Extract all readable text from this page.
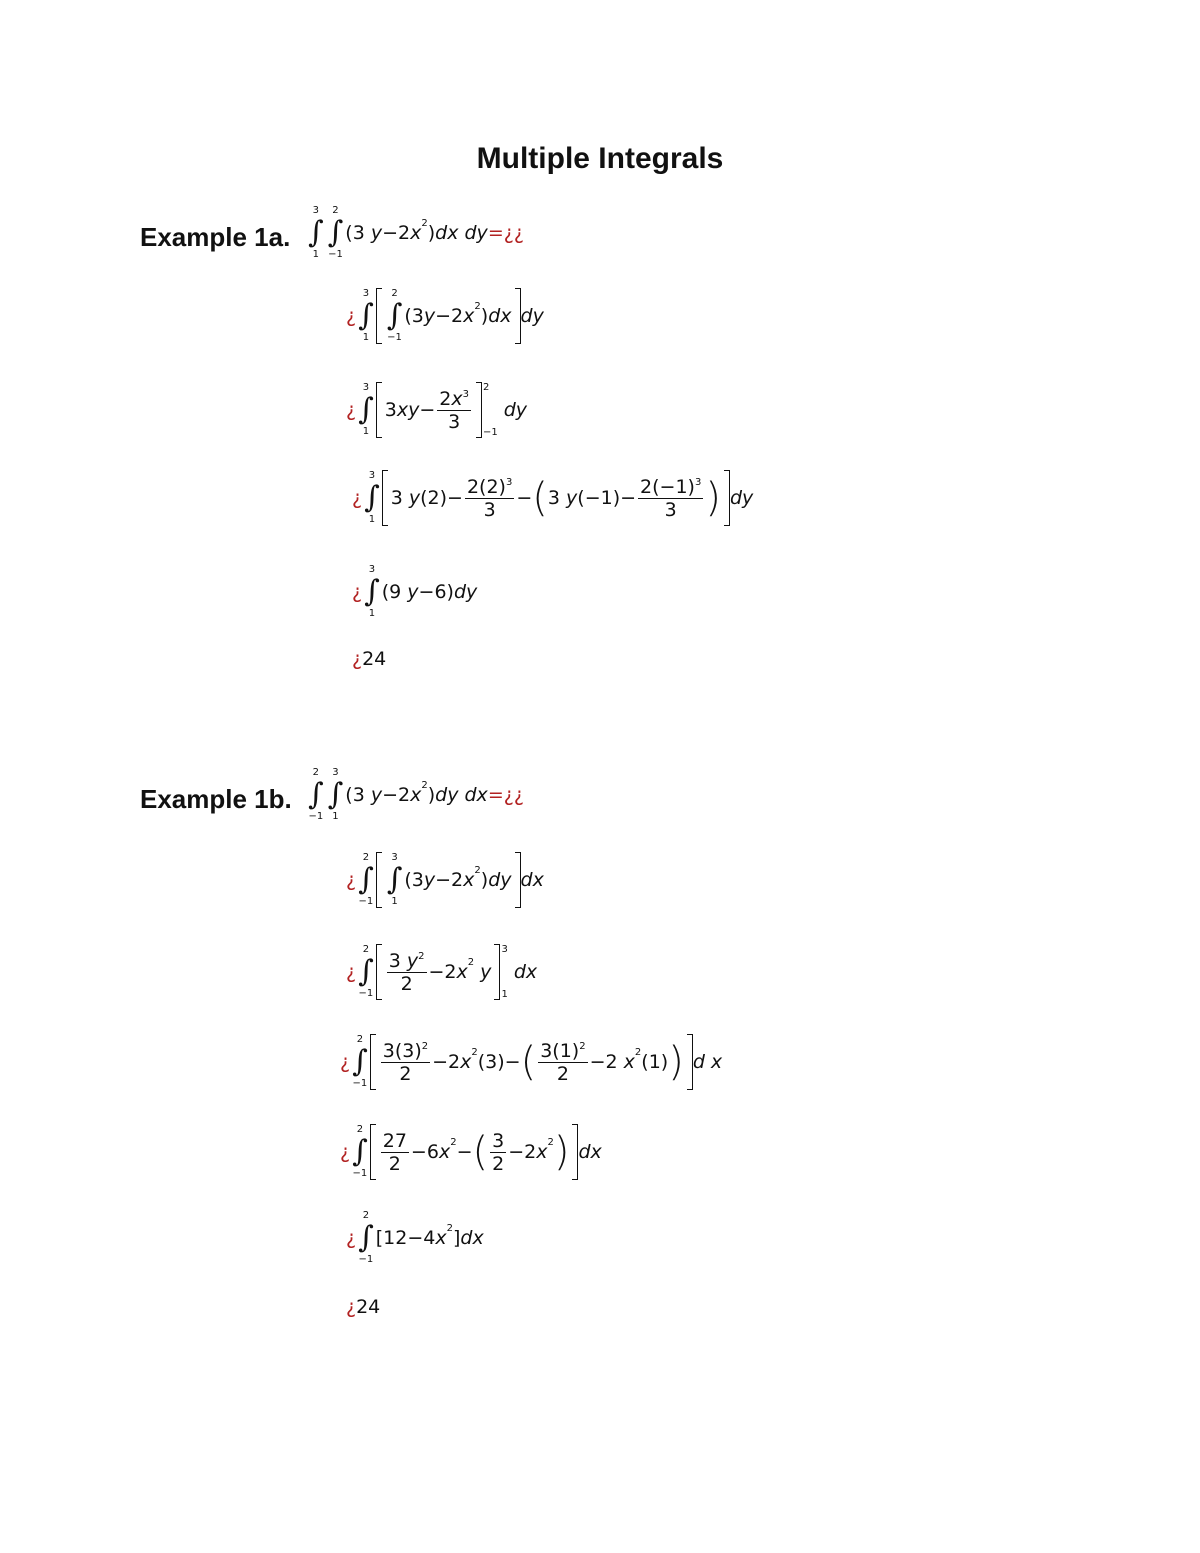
Multiple Integrals
Example 1a.
3
∫
1
2
∫
−1
(3 $y-2x^2)dx$ dy =¿¿
¿
3
∫
1
2
∫
−1
$(3y-2x^2)dx$ dy
¿
3
∫
1
$3xy- \frac{2x^3}{3} 2$
−1
dy
¿
3
∫
1
3 $y(2)- \frac{2(2)^3}{3}$ − ( 3 $y(-1)- \frac{2(-1)^3}{3}$ ) dy
¿
3
∫
1
(9 y−6)dy
¿ 24
Example 1b.
2
∫
−1
3
∫
1
(3 $y-2x^2)dy$ dx =¿¿
¿
2
∫
−1
3
∫
1
$(3y-2x^2)dy$ dx
¿
2
∫
$-1 \frac{3 y^2}{2} -2x^2$ y
3
1
dx
¿
2
∫
$-1 \frac{3(3)^2}{2} -2x^2(3)-$ ( $\frac{3(1)^2}{2} -2$ $x^2(1)$ ) d x
¿
2
∫
$-1 \frac{27}{2} -6x^2-$ ( $\frac{3}{2} -2x^2$ ) dx
¿
2
∫
−1
$[12-4x^2]dx$
¿ 24
